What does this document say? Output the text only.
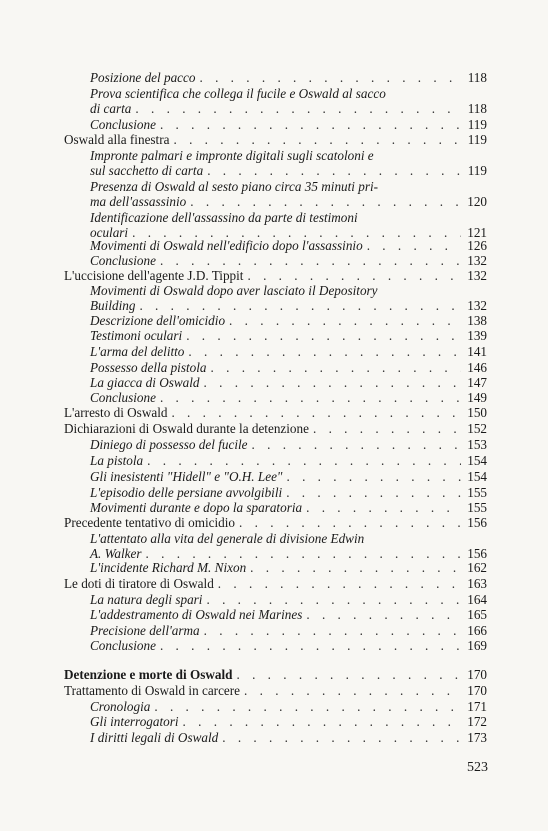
Posizione del pacco . . .	118
Prova scientifica che collega il fucile e Oswald al sacco
di carta . . .	118
Conclusione . . .	119
Oswald alla finestra . . .	119
Impronte palmari e impronte digitali sugli scatoloni e
sul sacchetto di carta . . .	119
Presenza di Oswald al sesto piano circa 35 minuti pri-
ma dell'assassinio . . .	120
Identificazione dell'assassino da parte di testimoni
oculari . . .	121
Movimenti di Oswald nell'edificio dopo l'assassinio . . .	126
Conclusione . . .	132
L'uccisione dell'agente J.D. Tippit . . .	132
Movimenti di Oswald dopo aver lasciato il Depository
Building . . .	132
Descrizione dell'omicidio . . .	138
Testimoni oculari . . .	139
L'arma del delitto . . .	141
Possesso della pistola . . .	146
La giacca di Oswald . . .	147
Conclusione . . .	149
L'arresto di Oswald . . .	150
Dichiarazioni di Oswald durante la detenzione . . .	152
Diniego di possesso del fucile . . .	153
La pistola . . .	154
Gli inesistenti "Hidell" e "O.H. Lee" . . .	154
L'episodio delle persiane avvolgibili . . .	155
Movimenti durante e dopo la sparatoria . . .	155
Precedente tentativo di omicidio . . .	156
L'attentato alla vita del generale di divisione Edwin
A. Walker . . .	156
L'incidente Richard M. Nixon . . .	162
Le doti di tiratore di Oswald . . .	163
La natura degli spari . . .	164
L'addestramento di Oswald nei Marines . . .	165
Precisione dell'arma . . .	166
Conclusione . . .	169
Detenzione e morte di Oswald . . .	170
Trattamento di Oswald in carcere . . .	170
Cronologia . . .	171
Gli interrogatori . . .	172
I diritti legali di Oswald . . .	173
523
